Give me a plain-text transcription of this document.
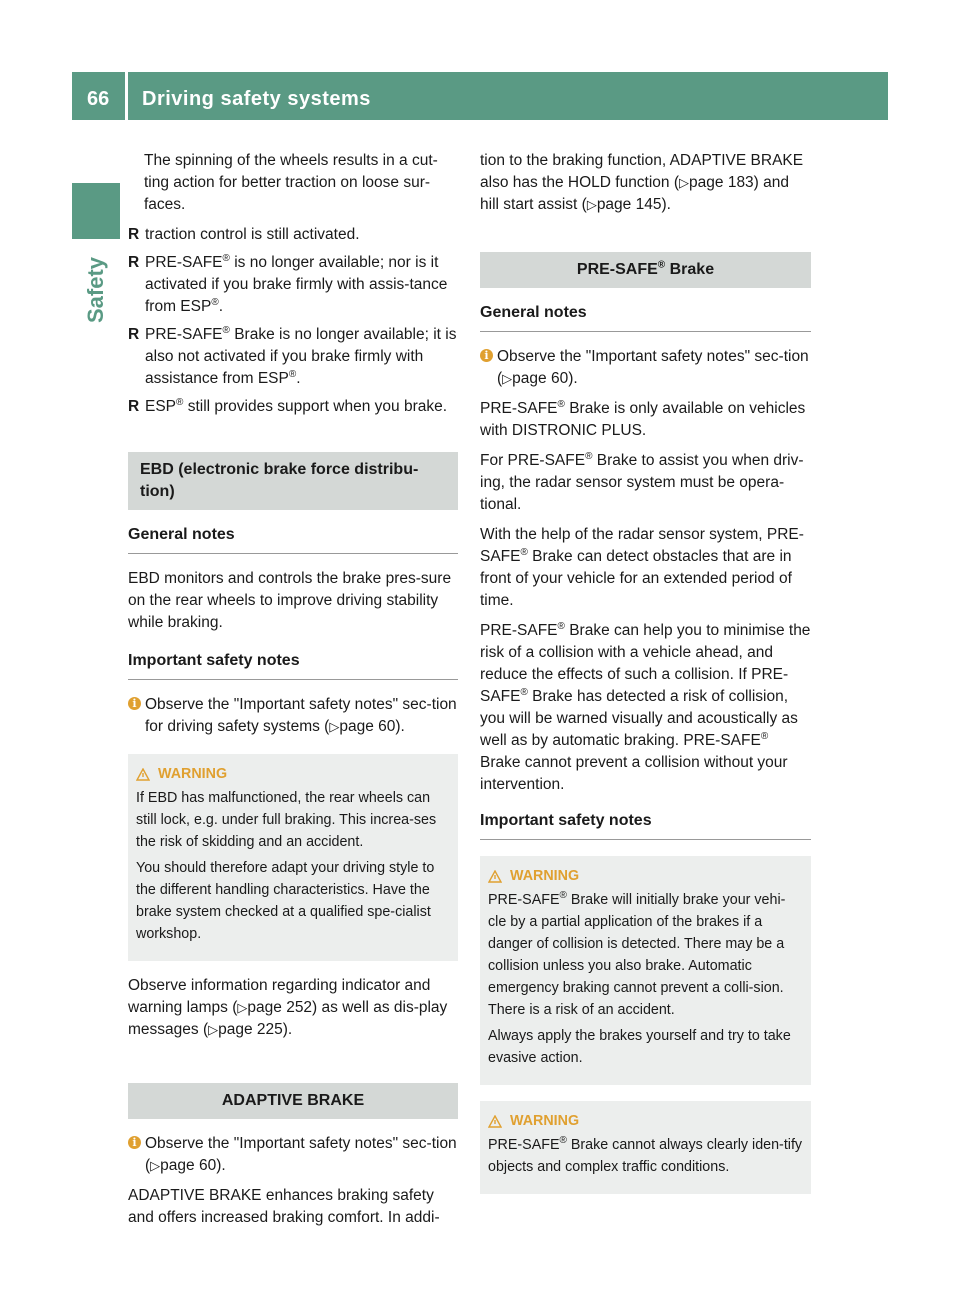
66 Driving safety systems
Safety

The spinning of the wheels results in a cut- ting action for better traction on loose sur- faces.

R traction control is still activated.
R PRE-SAFE® is no longer available; nor is it activated if you brake firmly with assis-tance from ESP®.
R PRE-SAFE® Brake is no longer available; it is also not activated if you brake firmly with assistance from ESP®.
R ESP® still provides support when you brake.
EBD (electronic brake force distribu-tion)
General notes

EBD monitors and controls the brake pres-sure on the rear wheels to improve driving stability while braking.

Important safety notes
i Observe the "Important safety notes" sec-tion for driving safety systems (▷page 60).
WARNING

If EBD has malfunctioned, the rear wheels can still lock, e.g. under full braking. This increa-ses the risk of skidding and an accident.

You should therefore adapt your driving style to the different handling characteristics. Have the brake system checked at a qualified spe-cialist workshop.

Observe information regarding indicator and warning lamps (▷page 252) as well as dis-play messages (▷page 225).

ADAPTIVE BRAKE
i Observe the "Important safety notes" sec-tion (▷page 60).

ADAPTIVE BRAKE enhances braking safety and offers increased braking comfort. In addi-

tion to the braking function, ADAPTIVE BRAKE also has the HOLD function (▷page 183) and hill start assist (▷page 145).

PRE-SAFE® Brake
General notes
i Observe the "Important safety notes" sec-tion (▷page 60).

PRE-SAFE® Brake is only available on vehicles with DISTRONIC PLUS.

For PRE-SAFE® Brake to assist you when driv-ing, the radar sensor system must be opera-tional.

With the help of the radar sensor system, PRE-SAFE® Brake can detect obstacles that are in front of your vehicle for an extended period of time.

PRE-SAFE® Brake can help you to minimise the risk of a collision with a vehicle ahead, and reduce the effects of such a collision. If PRE-SAFE® Brake has detected a risk of collision, you will be warned visually and acoustically as well as by automatic braking. PRE-SAFE® Brake cannot prevent a collision without your intervention.

Important safety notes
WARNING

PRE-SAFE® Brake will initially brake your vehi-cle by a partial application of the brakes if a danger of collision is detected. There may be a collision unless you also brake. Automatic emergency braking cannot prevent a colli-sion. There is a risk of an accident.

Always apply the brakes yourself and try to take evasive action.

WARNING

PRE-SAFE® Brake cannot always clearly iden-tify objects and complex traffic conditions.
